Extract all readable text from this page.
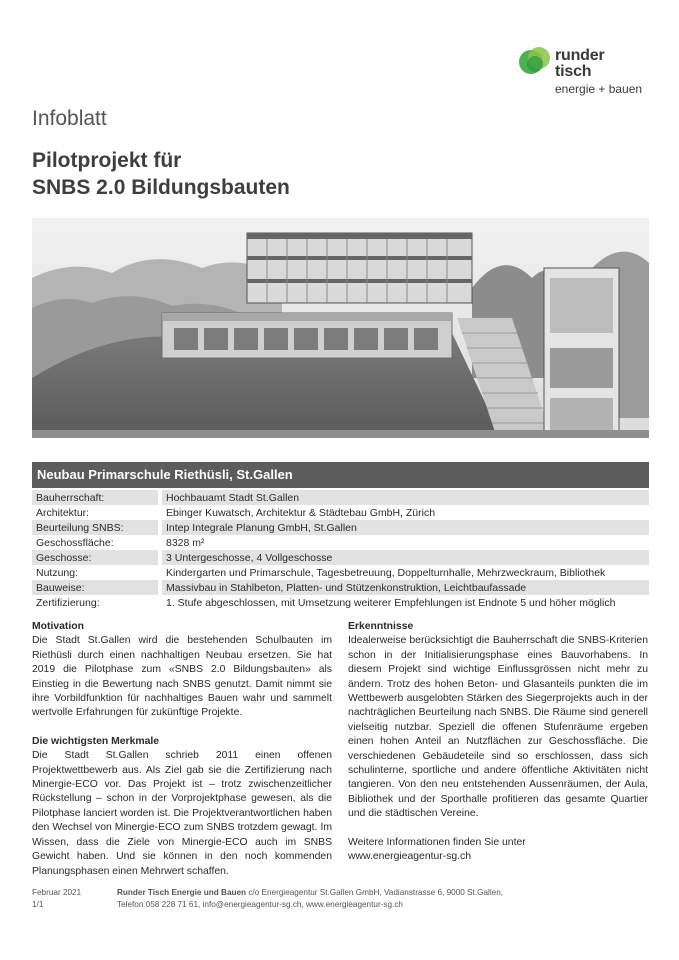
runder
tisch
energie + bauen
Infoblatt
Pilotprojekt für
SNBS 2.0 Bildungsbauten
Neubau Primarschule Riethüsli, St.Gallen
Bauherrschaft:		Hochbauamt Stadt St.Gallen
Architektur:		Ebinger Kuwatsch, Architektur & Städtebau GmbH, Zürich
Beurteilung SNBS:		Intep Integrale Planung GmbH, St.Gallen
Geschossfläche:		8328 m²
Geschosse:		3 Untergeschosse, 4 Vollgeschosse
Nutzung:		Kindergarten und Primarschule, Tagesbetreuung, Doppelturnhalle, Mehrzweckraum, Bibliothek
Bauweise:		Massivbau in Stahlbeton, Platten- und Stützenkonstruktion, Leichtbaufassade
Zertifizierung:		1. Stufe abgeschlossen, mit Umsetzung weiterer Empfehlungen ist Endnote 5 und höher möglich
Motivation

Die Stadt St.Gallen wird die bestehenden Schulbauten im Riethüsli durch einen nachhaltigen Neubau ersetzen. Sie hat 2019 die Pilotphase zum «SNBS 2.0 Bildungsbauten» als Einstieg in die Bewertung nach SNBS genutzt. Damit nimmt sie ihre Vorbildfunktion für nachhaltiges Bauen wahr und sammelt wertvolle Erfahrungen für zukünftige Projekte.

Die wichtigsten Merkmale

Die Stadt St.Gallen schrieb 2011 einen offenen Projektwettbewerb aus. Als Ziel gab sie die Zertifizierung nach Minergie-ECO vor. Das Projekt ist – trotz zwischenzeitlicher Rückstellung – schon in der Vorprojektphase gewesen, als die Pilotphase lanciert worden ist. Die Projektverantwortlichen haben den Wechsel von Minergie-ECO zum SNBS trotzdem gewagt. Im Wissen, dass die Ziele von Minergie-ECO auch im SNBS Gewicht haben. Und sie können in den noch kommenden Planungsphasen einen Mehrwert schaffen.

Erkenntnisse

Idealerweise berücksichtigt die Bauherrschaft die SNBS-Kriterien schon in der Initialisierungsphase eines Bauvorhabens. In diesem Projekt sind wichtige Einflussgrössen nicht mehr zu ändern. Trotz des hohen Beton- und Glasanteils punkten die im Wettbewerb ausgelobten Stärken des Siegerprojekts auch in der nachträglichen Beurteilung nach SNBS. Die Räume sind generell vielseitig nutzbar. Speziell die offenen Stufenräume ergeben einen hohen Anteil an Nutzflächen zur Geschossfläche. Die verschiedenen Gebäudeteile sind so erschlossen, dass sich schulinterne, sportliche und andere öffentliche Aktivitäten nicht tangieren. Von den neu entstehenden Aussenräumen, der Aula, Bibliothek und der Sporthalle profitieren das gesamte Quartier und die städtischen Vereine.

Weitere Informationen finden Sie unter
www.energieagentur-sg.ch

Februar 2021
1/1
Runder Tisch Energie und Bauen c/o Energieagentur St.Gallen GmbH, Vadianstrasse 6, 9000 St.Gallen,
Telefon 058 228 71 61, info@energieagentur-sg.ch, www.energieagentur-sg.ch
